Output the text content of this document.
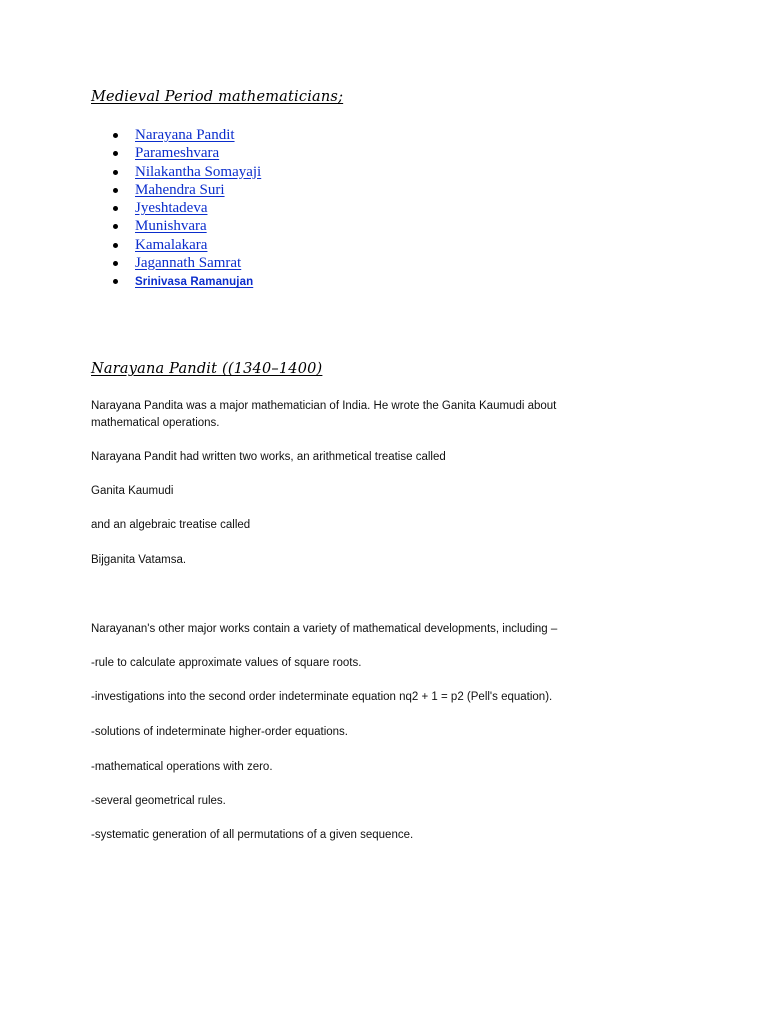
Medieval Period mathematicians;
Narayana Pandit
Parameshvara
Nilakantha Somayaji
Mahendra Suri
Jyeshtadeva
Munishvara
Kamalakara
Jagannath Samrat
Srinivasa Ramanujan
Narayana Pandit ((1340–1400)

Narayana Pandita was a major mathematician of India. He wrote the Ganita Kaumudi about

mathematical operations.

Narayana Pandit had written two works, an arithmetical treatise called

Ganita Kaumudi

and an algebraic treatise called

Bijganita Vatamsa.

Narayanan's other major works contain a variety of mathematical developments, including –

-rule to calculate approximate values of square roots.

-investigations into the second order indeterminate equation nq2 + 1 = p2 (Pell's equation).

-solutions of indeterminate higher-order equations.

-mathematical operations with zero.

-several geometrical rules.

-systematic generation of all permutations of a given sequence.
